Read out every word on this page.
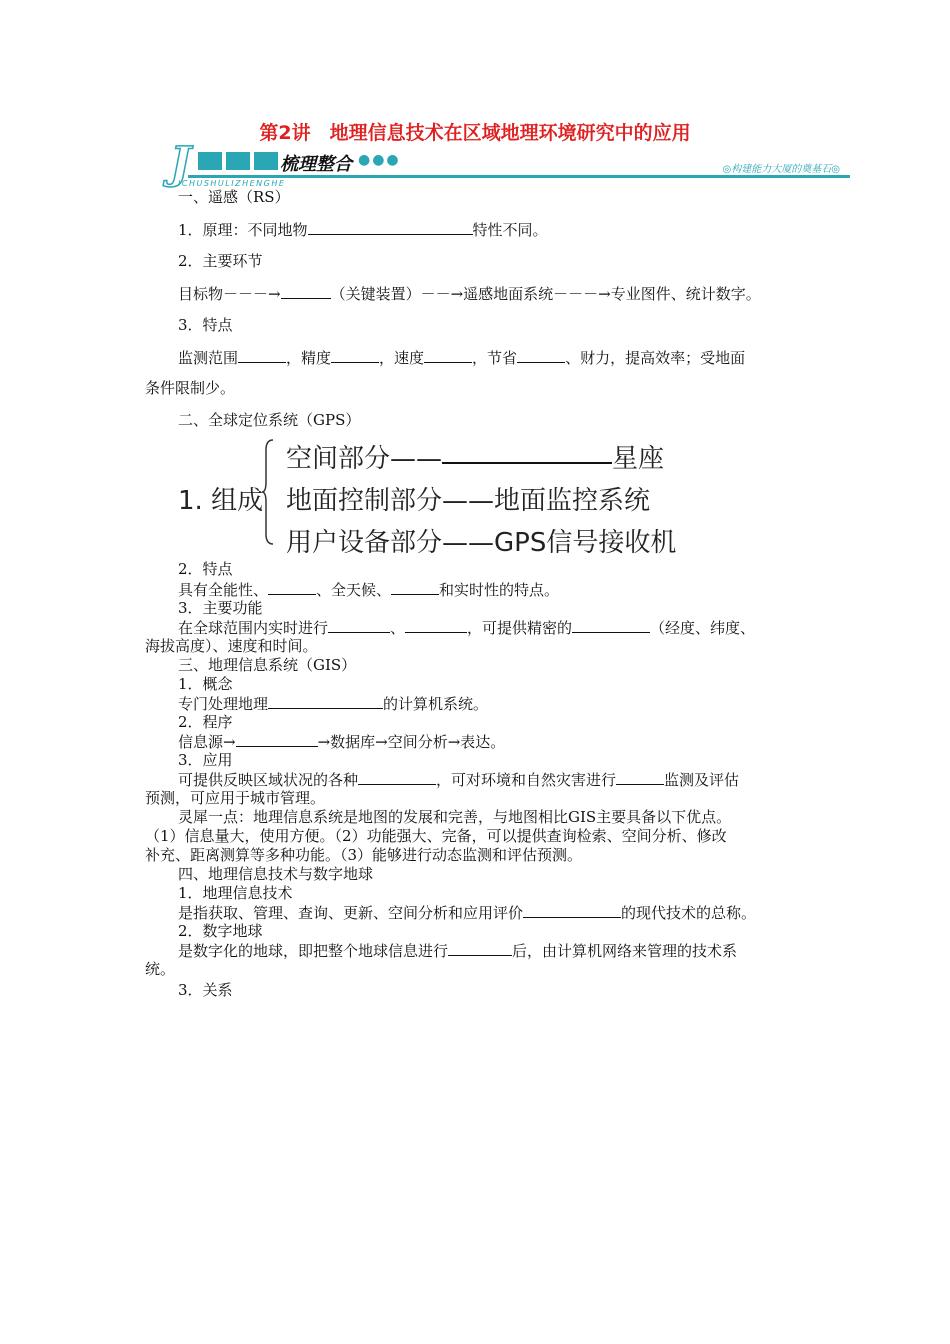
第2讲　地理信息技术在区域地理环境研究中的应用
J	梳理整合 ●●●
ICHUSHULIZHENGHE
◎构建能力大厦的奠基石◎
一、遥感（RS）
1．原理：不同地物	特性不同。
2．主要环节
目标物－－－→	（关键装置）－－→遥感地面系统－－－→专业图件、统计数字。
3．特点
监测范围	，精度	，速度	，节省	、财力，提高效率；受地面
条件限制少。
二、全球定位系统（GPS）
1. 组成
空间部分——	星座
地面控制部分——地面监控系统
用户设备部分——GPS信号接收机
2．特点
具有全能性、	、全天候、	和实时性的特点。
3．主要功能
在全球范围内实时进行	、	，可提供精密的	（经度、纬度、
海拔高度）、速度和时间。
三、地理信息系统（GIS）
1．概念
专门处理地理	的计算机系统。
2．程序
信息源→	→数据库→空间分析→表达。
3．应用
可提供反映区域状况的各种	，可对环境和自然灾害进行	监测及评估
预测，可应用于城市管理。
灵犀一点：地理信息系统是地图的发展和完善，与地图相比GIS主要具备以下优点。
（1）信息量大，使用方便。（2）功能强大、完备，可以提供查询检索、空间分析、修改
补充、距离测算等多种功能。（3）能够进行动态监测和评估预测。
四、地理信息技术与数字地球
1．地理信息技术
是指获取、管理、查询、更新、空间分析和应用评价	的现代技术的总称。
2．数字地球
是数字化的地球，即把整个地球信息进行	后，由计算机网络来管理的技术系
统。
3．关系
